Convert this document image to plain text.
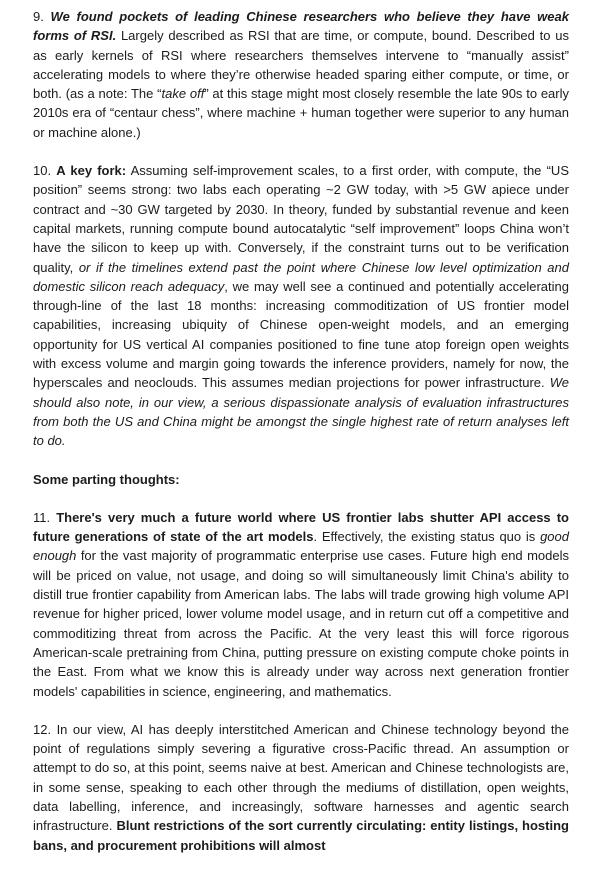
9. We found pockets of leading Chinese researchers who believe they have weak forms of RSI. Largely described as RSI that are time, or compute, bound. Described to us as early kernels of RSI where researchers themselves intervene to “manually assist” accelerating models to where they’re otherwise headed sparing either compute, or time, or both. (as a note: The “take off” at this stage might most closely resemble the late 90s to early 2010s era of “centaur chess”, where machine + human together were superior to any human or machine alone.)

10. A key fork: Assuming self-improvement scales, to a first order, with compute, the “US position” seems strong: two labs each operating ~2 GW today, with >5 GW apiece under contract and ~30 GW targeted by 2030. In theory, funded by substantial revenue and keen capital markets, running compute bound autocatalytic “self improvement” loops China won’t have the silicon to keep up with. Conversely, if the constraint turns out to be verification quality, or if the timelines extend past the point where Chinese low level optimization and domestic silicon reach adequacy, we may well see a continued and potentially accelerating through-line of the last 18 months: increasing commoditization of US frontier model capabilities, increasing ubiquity of Chinese open-weight models, and an emerging opportunity for US vertical AI companies positioned to fine tune atop foreign open weights with excess volume and margin going towards the inference providers, namely for now, the hyperscales and neoclouds. This assumes median projections for power infrastructure. We should also note, in our view, a serious dispassionate analysis of evaluation infrastructures from both the US and China might be amongst the single highest rate of return analyses left to do.

Some parting thoughts:

11. There's very much a future world where US frontier labs shutter API access to future generations of state of the art models. Effectively, the existing status quo is good enough for the vast majority of programmatic enterprise use cases. Future high end models will be priced on value, not usage, and doing so will simultaneously limit China's ability to distill true frontier capability from American labs. The labs will trade growing high volume API revenue for higher priced, lower volume model usage, and in return cut off a competitive and commoditizing threat from across the Pacific. At the very least this will force rigorous American-scale pretraining from China, putting pressure on existing compute choke points in the East. From what we know this is already under way across next generation frontier models' capabilities in science, engineering, and mathematics.

12. In our view, AI has deeply interstitched American and Chinese technology beyond the point of regulations simply severing a figurative cross-Pacific thread. An assumption or attempt to do so, at this point, seems naive at best. American and Chinese technologists are, in some sense, speaking to each other through the mediums of distillation, open weights, data labelling, inference, and increasingly, software harnesses and agentic search infrastructure. Blunt restrictions of the sort currently circulating: entity listings, hosting bans, and procurement prohibitions will almost
